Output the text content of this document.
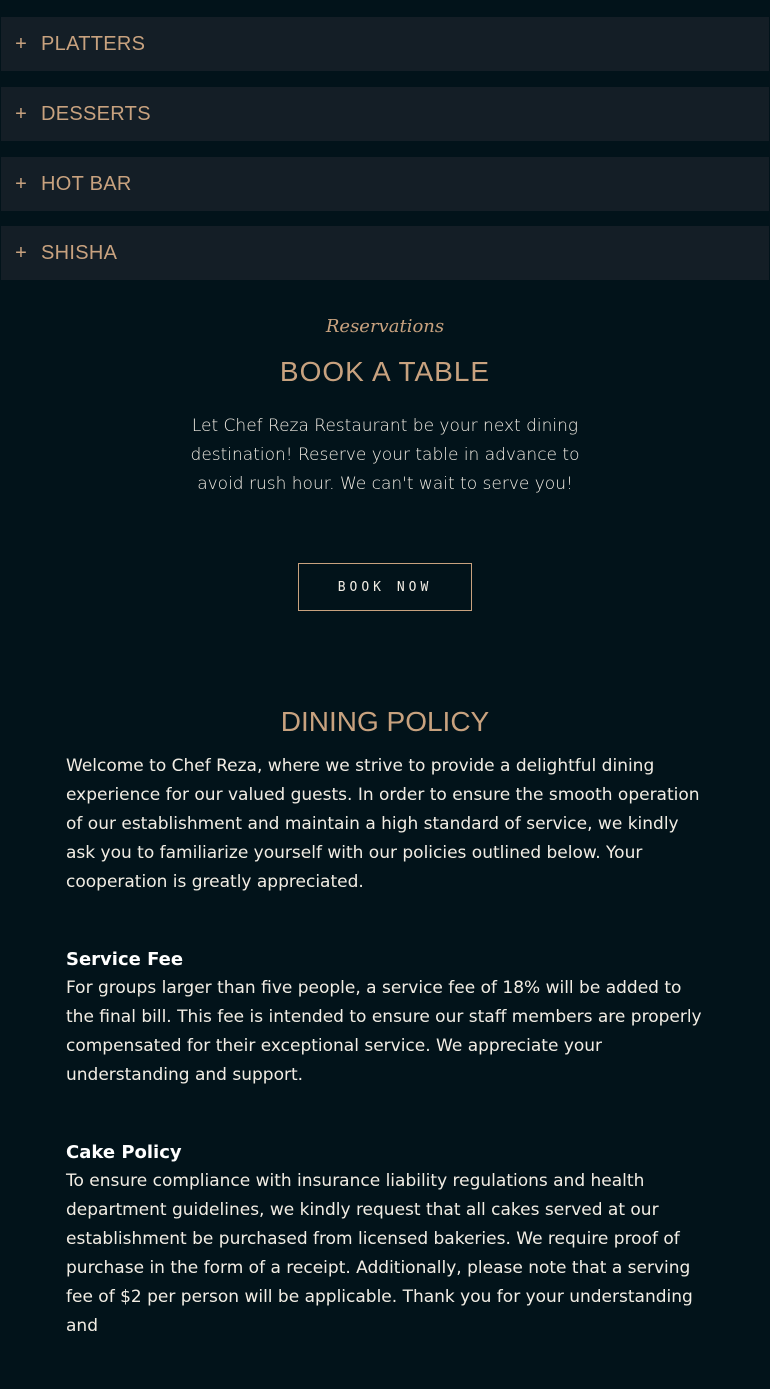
+ PLATTERS
+ DESSERTS
+ HOT BAR
+ SHISHA
Reservations
BOOK A TABLE
Let Chef Reza Restaurant be your next dining destination! Reserve your table in advance to avoid rush hour. We can't wait to serve you!
BOOK NOW
DINING POLICY

Welcome to Chef Reza, where we strive to provide a delightful dining experience for our valued guests. In order to ensure the smooth operation of our establishment and maintain a high standard of service, we kindly ask you to familiarize yourself with our policies outlined below. Your cooperation is greatly appreciated.

Service Fee

For groups larger than five people, a service fee of 18% will be added to the final bill. This fee is intended to ensure our staff members are properly compensated for their exceptional service. We appreciate your understanding and support.

Cake Policy

To ensure compliance with insurance liability regulations and health department guidelines, we kindly request that all cakes served at our establishment be purchased from licensed bakeries. We require proof of purchase in the form of a receipt. Additionally, please note that a serving fee of $2 per person will be applicable. Thank you for your understanding and
